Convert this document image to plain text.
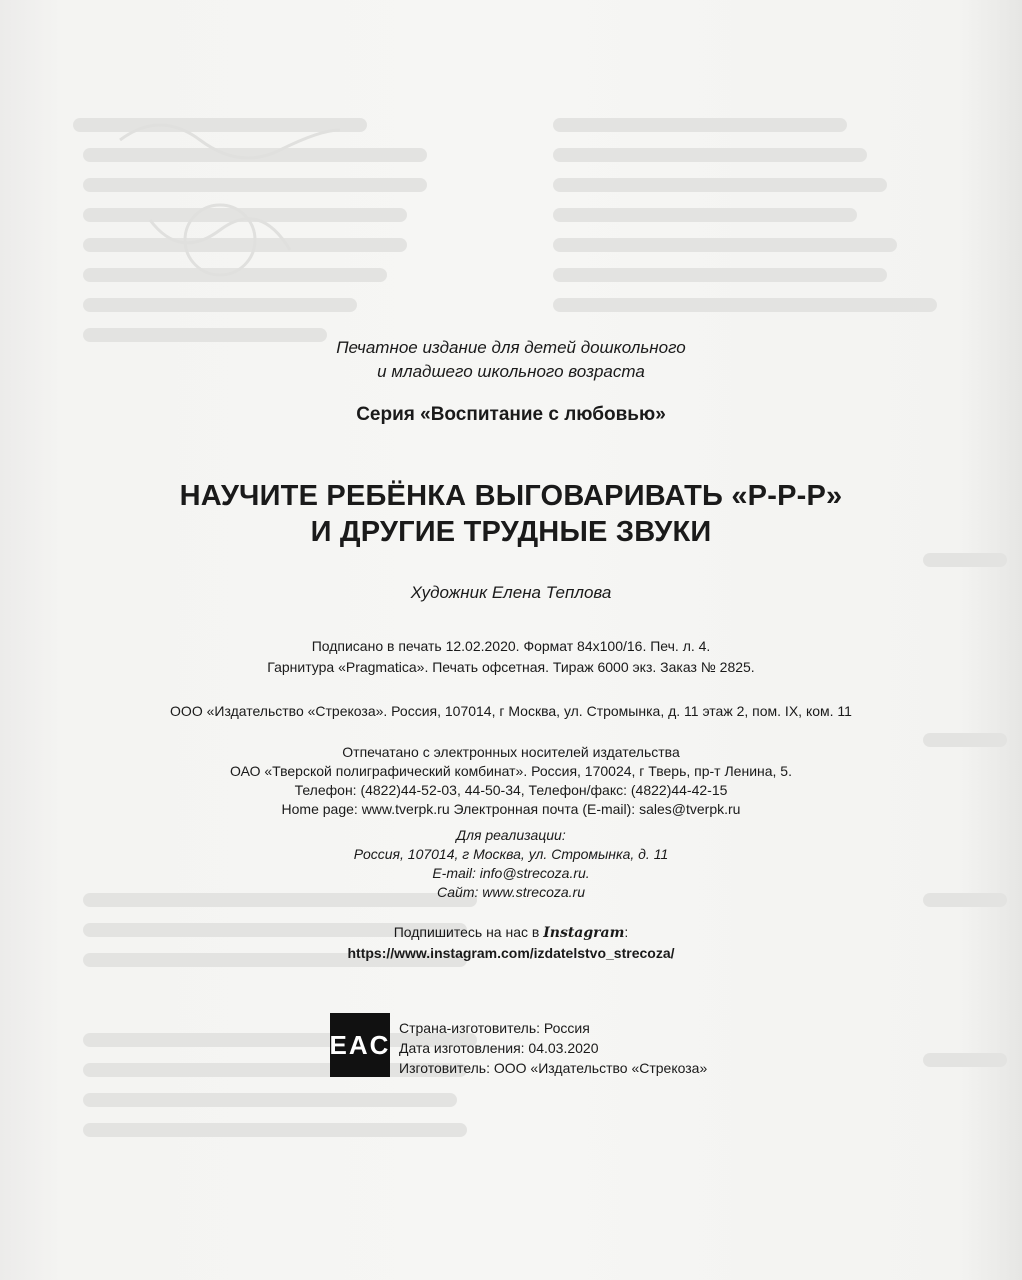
Печатное издание для детей дошкольного
и младшего школьного возраста
Серия «Воспитание с любовью»
НАУЧИТЕ РЕБЁНКА ВЫГОВАРИВАТЬ «Р-Р-Р»
И ДРУГИЕ ТРУДНЫЕ ЗВУКИ
Художник Елена Теплова
Подписано в печать 12.02.2020. Формат 84х100/16. Печ. л. 4.
Гарнитура «Pragmatica». Печать офсетная. Тираж 6000 экз. Заказ № 2825.
ООО «Издательство «Стрекоза». Россия, 107014, г Москва, ул. Стромынка, д. 11 этаж 2, пом. IX, ком. 11
Отпечатано с электронных носителей издательства
ОАО «Тверской полиграфический комбинат». Россия, 170024, г Тверь, пр-т Ленина, 5.
Телефон: (4822)44-52-03, 44-50-34, Телефон/факс: (4822)44-42-15
Home page: www.tverpk.ru Электронная почта (E-mail): sales@tverpk.ru
Для реализации:
Россия, 107014, г Москва, ул. Стромынка, д. 11
E-mail: info@strecoza.ru.
Сайт: www.strecoza.ru
Подпишитесь на нас в Instagram:
https://www.instagram.com/izdatelstvo_strecoza/
EAC
Страна-изготовитель: Россия
Дата изготовления: 04.03.2020
Изготовитель: ООО «Издательство «Стрекоза»
